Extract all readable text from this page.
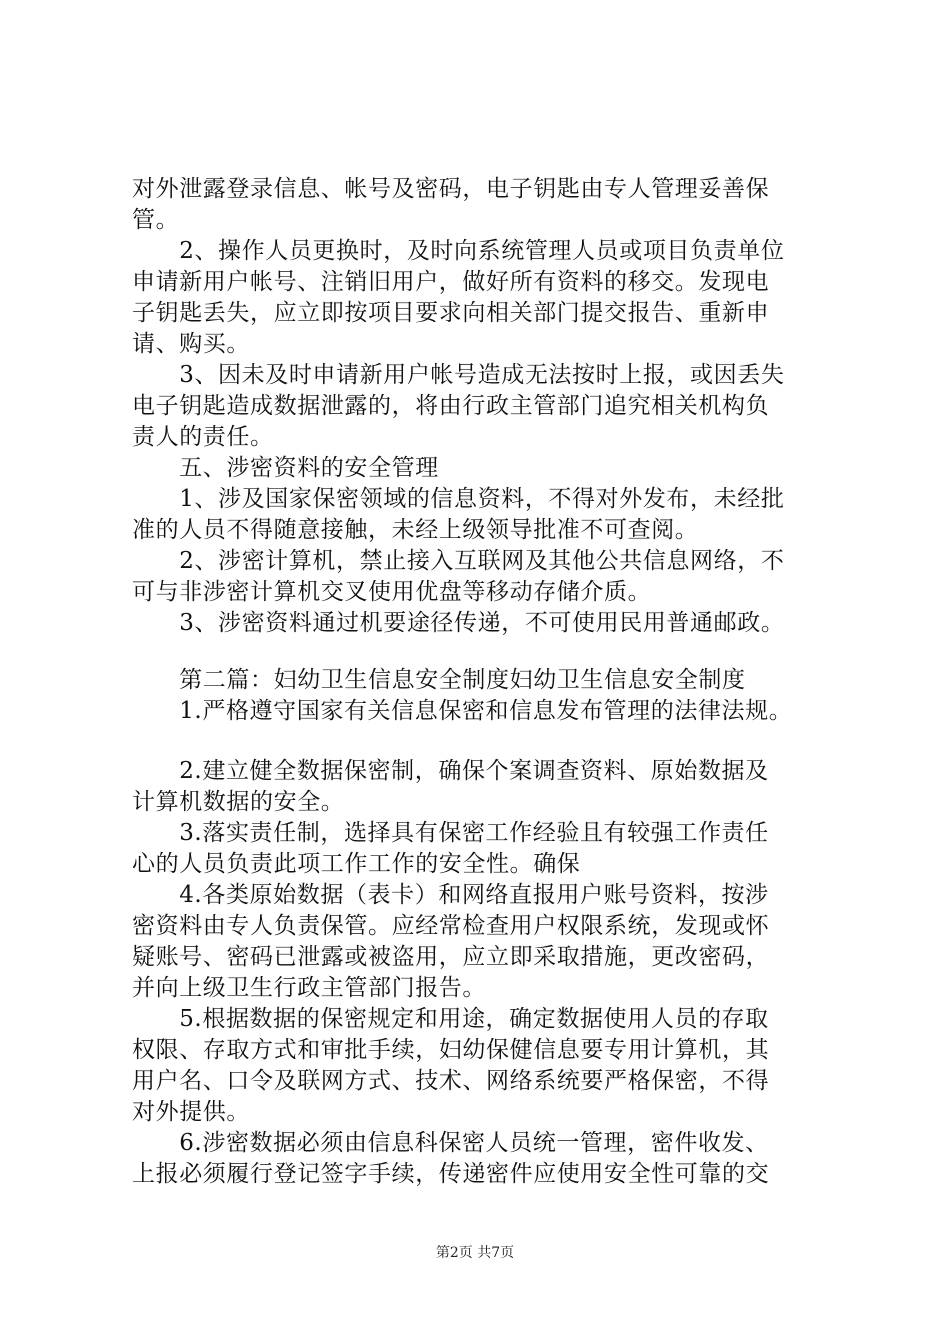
对外泄露登录信息、帐号及密码，电子钥匙由专人管理妥善保
管。
　　2、操作人员更换时，及时向系统管理人员或项目负责单位
申请新用户帐号、注销旧用户，做好所有资料的移交。发现电
子钥匙丢失，应立即按项目要求向相关部门提交报告、重新申
请、购买。
　　3、因未及时申请新用户帐号造成无法按时上报，或因丢失
电子钥匙造成数据泄露的，将由行政主管部门追究相关机构负
责人的责任。
　　五、涉密资料的安全管理
　　1、涉及国家保密领域的信息资料，不得对外发布，未经批
准的人员不得随意接触，未经上级领导批准不可查阅。
　　2、涉密计算机，禁止接入互联网及其他公共信息网络，不
可与非涉密计算机交叉使用优盘等移动存储介质。
　　3、涉密资料通过机要途径传递，不可使用民用普通邮政。
　　第二篇：妇幼卫生信息安全制度妇幼卫生信息安全制度
　　1.严格遵守国家有关信息保密和信息发布管理的法律法规。
　　2.建立健全数据保密制，确保个案调查资料、原始数据及
计算机数据的安全。
　　3.落实责任制，选择具有保密工作经验且有较强工作责任
心的人员负责此项工作工作的安全性。确保
　　4.各类原始数据（表卡）和网络直报用户账号资料，按涉
密资料由专人负责保管。应经常检查用户权限系统，发现或怀
疑账号、密码已泄露或被盗用，应立即采取措施，更改密码，
并向上级卫生行政主管部门报告。
　　5.根据数据的保密规定和用途，确定数据使用人员的存取
权限、存取方式和审批手续，妇幼保健信息要专用计算机，其
用户名、口令及联网方式、技术、网络系统要严格保密，不得
对外提供。
　　6.涉密数据必须由信息科保密人员统一管理，密件收发、
上报必须履行登记签字手续，传递密件应使用安全性可靠的交
第2页 共7页
